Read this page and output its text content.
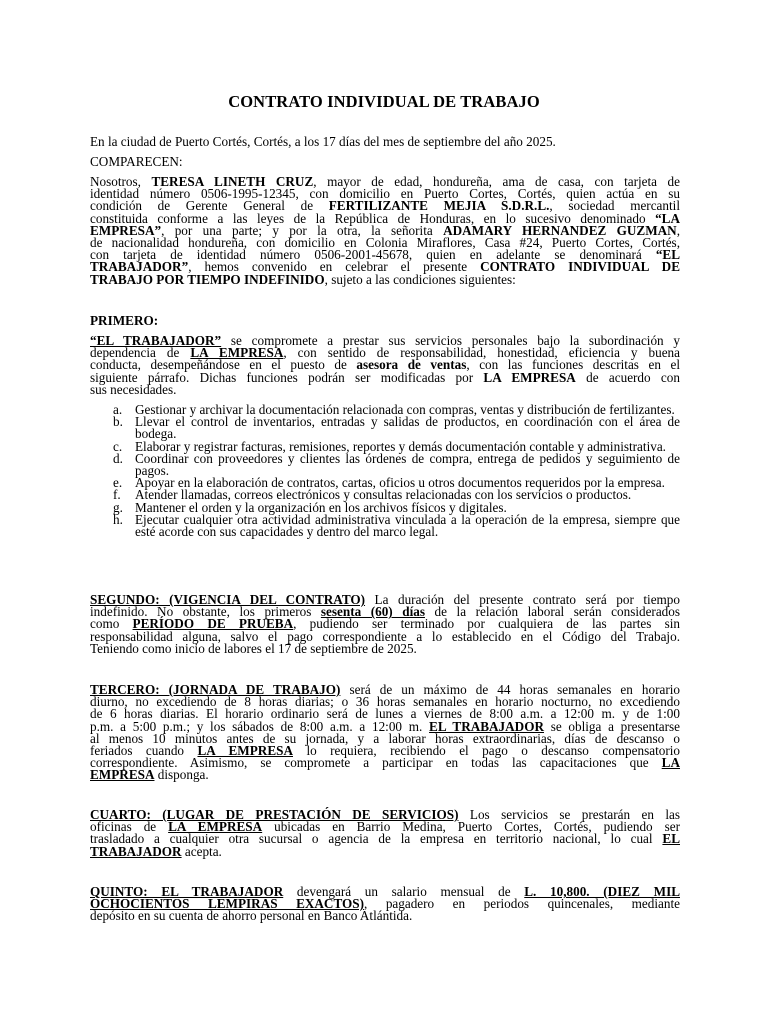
CONTRATO INDIVIDUAL DE TRABAJO
En la ciudad de Puerto Cortés, Cortés, a los 17 días del mes de septiembre del año 2025.
COMPARECEN:
Nosotros, TERESA LINETH CRUZ, mayor de edad, hondureña, ama de casa, con tarjeta de
identidad número 0506-1995-12345, con domicilio en Puerto Cortes, Cortés, quien actúa en su
condición de Gerente General de FERTILIZANTE MEJIA S.D.R.L., sociedad mercantil
constituida conforme a las leyes de la República de Honduras, en lo sucesivo denominado “LA
EMPRESA”, por una parte; y por la otra, la señorita ADAMARY HERNANDEZ GUZMAN,
de nacionalidad hondureña, con domicilio en Colonia Miraflores, Casa #24, Puerto Cortes, Cortés,
con tarjeta de identidad número 0506-2001-45678, quien en adelante se denominará “EL
TRABAJADOR”, hemos convenido en celebrar el presente CONTRATO INDIVIDUAL DE
TRABAJO POR TIEMPO INDEFINIDO, sujeto a las condiciones siguientes:
PRIMERO:
“EL TRABAJADOR” se compromete a prestar sus servicios personales bajo la subordinación y
dependencia de LA EMPRESA, con sentido de responsabilidad, honestidad, eficiencia y buena
conducta, desempeñándose en el puesto de asesora de ventas, con las funciones descritas en el
siguiente párrafo. Dichas funciones podrán ser modificadas por LA EMPRESA de acuerdo con
sus necesidades.
a. Gestionar y archivar la documentación relacionada con compras, ventas y distribución de fertilizantes.
b. Llevar el control de inventarios, entradas y salidas de productos, en coordinación con el área de bodega.
c. Elaborar y registrar facturas, remisiones, reportes y demás documentación contable y administrativa.
d. Coordinar con proveedores y clientes las órdenes de compra, entrega de pedidos y seguimiento de pagos.
e. Apoyar en la elaboración de contratos, cartas, oficios u otros documentos requeridos por la empresa.
f. Atender llamadas, correos electrónicos y consultas relacionadas con los servicios o productos.
g. Mantener el orden y la organización en los archivos físicos y digitales.
h. Ejecutar cualquier otra actividad administrativa vinculada a la operación de la empresa, siempre que esté acorde con sus capacidades y dentro del marco legal.
SEGUNDO: (VIGENCIA DEL CONTRATO) La duración del presente contrato será por tiempo
indefinido. No obstante, los primeros sesenta (60) días de la relación laboral serán considerados
como PERÍODO DE PRUEBA, pudiendo ser terminado por cualquiera de las partes sin
responsabilidad alguna, salvo el pago correspondiente a lo establecido en el Código del Trabajo.
Teniendo como inicio de labores el 17 de septiembre de 2025.
TERCERO: (JORNADA DE TRABAJO) será de un máximo de 44 horas semanales en horario
diurno, no excediendo de 8 horas diarias; o 36 horas semanales en horario nocturno, no excediendo
de 6 horas diarias. El horario ordinario será de lunes a viernes de 8:00 a.m. a 12:00 m. y de 1:00
p.m. a 5:00 p.m.; y los sábados de 8:00 a.m. a 12:00 m. EL TRABAJADOR se obliga a presentarse
al menos 10 minutos antes de su jornada, y a laborar horas extraordinarias, días de descanso o
feriados cuando LA EMPRESA lo requiera, recibiendo el pago o descanso compensatorio
correspondiente. Asimismo, se compromete a participar en todas las capacitaciones que LA
EMPRESA disponga.
CUARTO: (LUGAR DE PRESTACIÓN DE SERVICIOS) Los servicios se prestarán en las
oficinas de LA EMPRESA ubicadas en Barrio Medina, Puerto Cortes, Cortés, pudiendo ser
trasladado a cualquier otra sucursal o agencia de la empresa en territorio nacional, lo cual EL
TRABAJADOR acepta.
QUINTO: EL TRABAJADOR devengará un salario mensual de L. 10,800. (DIEZ MIL
OCHOCIENTOS LEMPIRAS EXACTOS), pagadero en periodos quincenales, mediante
depósito en su cuenta de ahorro personal en Banco Atlántida.
